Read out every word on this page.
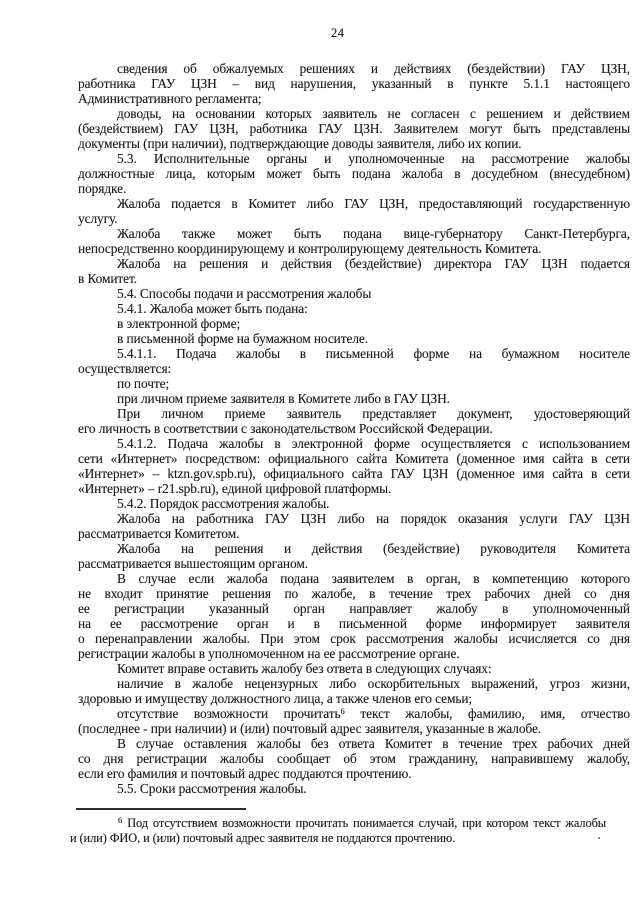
24
сведения об обжалуемых решениях и действиях (бездействии) ГАУ ЦЗН,
работника ГАУ ЦЗН – вид нарушения, указанный в пункте 5.1.1 настоящего
Административного регламента;
доводы, на основании которых заявитель не согласен с решением и действием
(бездействием) ГАУ ЦЗН, работника ГАУ ЦЗН. Заявителем могут быть представлены
документы (при наличии), подтверждающие доводы заявителя, либо их копии.
5.3. Исполнительные органы и уполномоченные на рассмотрение жалобы
должностные лица, которым может быть подана жалоба в досудебном (внесудебном)
порядке.
Жалоба подается в Комитет либо ГАУ ЦЗН, предоставляющий государственную
услугу.
Жалоба также может быть подана вице-губернатору Санкт-Петербурга,
непосредственно координирующему и контролирующему деятельность Комитета.
Жалоба на решения и действия (бездействие) директора ГАУ ЦЗН подается
в Комитет.
5.4. Способы подачи и рассмотрения жалобы
5.4.1. Жалоба может быть подана:
в электронной форме;
в письменной форме на бумажном носителе.
5.4.1.1. Подача жалобы в письменной форме на бумажном носителе
осуществляется:
по почте;
при личном приеме заявителя в Комитете либо в ГАУ ЦЗН.
При личном приеме заявитель представляет документ, удостоверяющий
его личность в соответствии с законодательством Российской Федерации.
5.4.1.2. Подача жалобы в электронной форме осуществляется с использованием
сети «Интернет» посредством: официального сайта Комитета (доменное имя сайта в сети
«Интернет» – ktzn.gov.spb.ru), официального сайта ГАУ ЦЗН (доменное имя сайта в сети
«Интернет» – r21.spb.ru), единой цифровой платформы.
5.4.2. Порядок рассмотрения жалобы.
Жалоба на работника ГАУ ЦЗН либо на порядок оказания услуги ГАУ ЦЗН
рассматривается Комитетом.
Жалоба на решения и действия (бездействие) руководителя Комитета
рассматривается вышестоящим органом.
В случае если жалоба подана заявителем в орган, в компетенцию которого
не входит принятие решения по жалобе, в течение трех рабочих дней со дня
ее регистрации указанный орган направляет жалобу в уполномоченный
на ее рассмотрение орган и в письменной форме информирует заявителя
о перенаправлении жалобы. При этом срок рассмотрения жалобы исчисляется со дня
регистрации жалобы в уполномоченном на ее рассмотрение органе.
Комитет вправе оставить жалобу без ответа в следующих случаях:
наличие в жалобе нецензурных либо оскорбительных выражений, угроз жизни,
здоровью и имуществу должностного лица, а также членов его семьи;
отсутствие возможности прочитать$^6$ текст жалобы, фамилию, имя, отчество
(последнее - при наличии) и (или) почтовый адрес заявителя, указанные в жалобе.
В случае оставления жалобы без ответа Комитет в течение трех рабочих дней
со дня регистрации жалобы сообщает об этом гражданину, направившему жалобу,
если его фамилия и почтовый адрес поддаются прочтению.
5.5. Сроки рассмотрения жалобы.
$^6$ Под отсутствием возможности прочитать понимается случай, при котором текст жалобы
и (или) ФИО, и (или) почтовый адрес заявителя не поддаются прочтению.
